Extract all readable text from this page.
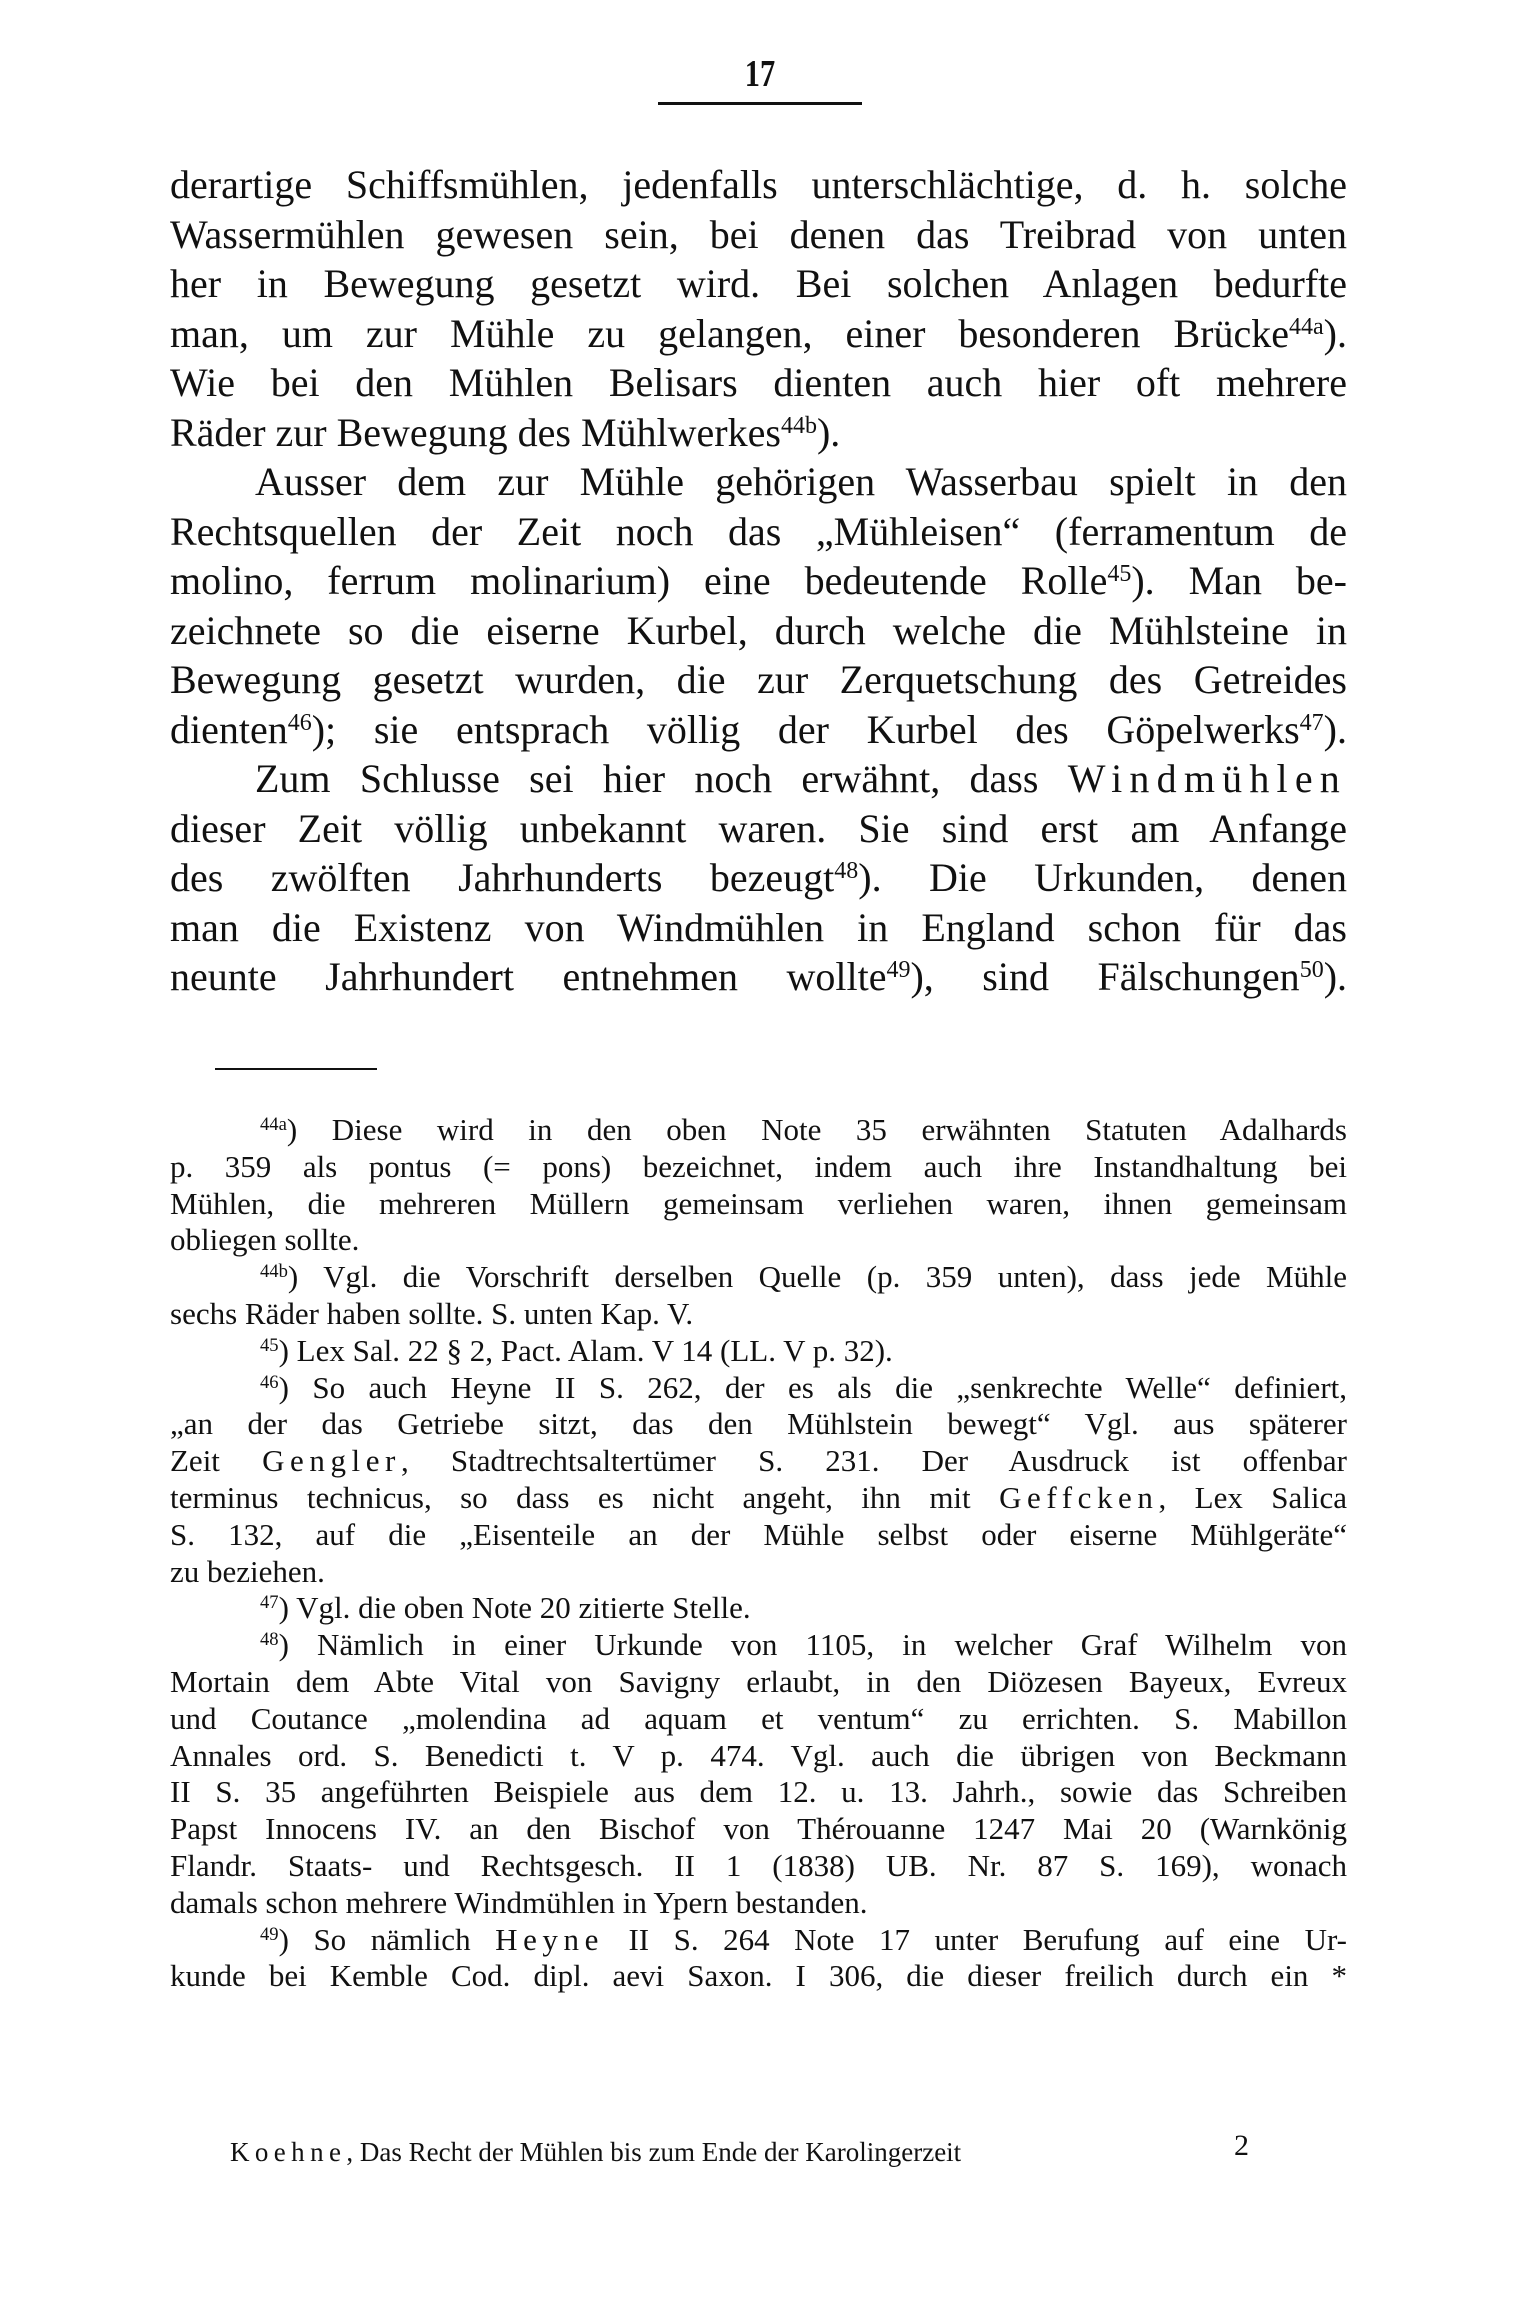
17
derartige Schiffsmühlen, jedenfalls unterschlächtige, d. h. solche
Wassermühlen gewesen sein, bei denen das Treibrad von unten
her in Bewegung gesetzt wird. Bei solchen Anlagen bedurfte
man, um zur Mühle zu gelangen, einer besonderen Brücke$^{44a}$).
Wie bei den Mühlen Belisars dienten auch hier oft mehrere
Räder zur Bewegung des Mühlwerkes$^{44b}$).
Ausser dem zur Mühle gehörigen Wasserbau spielt in den
Rechtsquellen der Zeit noch das „Mühleisen“ (ferramentum de
molino, ferrum molinarium) eine bedeutende Rolle$^{45}$). Man be-
zeichnete so die eiserne Kurbel, durch welche die Mühlsteine in
Bewegung gesetzt wurden, die zur Zerquetschung des Getreides
dienten$^{46}$); sie entsprach völlig der Kurbel des Göpelwerks$^{47}$).
Zum Schlusse sei hier noch erwähnt, dass Windmühlen
dieser Zeit völlig unbekannt waren. Sie sind erst am Anfange
des zwölften Jahrhunderts bezeugt$^{48}$). Die Urkunden, denen
man die Existenz von Windmühlen in England schon für das
neunte Jahrhundert entnehmen wollte$^{49}$), sind Fälschungen$^{50}$).
$^{44a}$) Diese wird in den oben Note 35 erwähnten Statuten Adalhards
p. 359 als pontus (= pons) bezeichnet, indem auch ihre Instandhaltung bei
Mühlen, die mehreren Müllern gemeinsam verliehen waren, ihnen gemeinsam
obliegen sollte.
$^{44b}$) Vgl. die Vorschrift derselben Quelle (p. 359 unten), dass jede Mühle
sechs Räder haben sollte. S. unten Kap. V.
$^{45}$) Lex Sal. 22 § 2, Pact. Alam. V 14 (LL. V p. 32).
$^{46}$) So auch Heyne II S. 262, der es als die „senkrechte Welle“ definiert,
„an der das Getriebe sitzt, das den Mühlstein bewegt“ Vgl. aus späterer
Zeit Gengler, Stadtrechtsaltertümer S. 231. Der Ausdruck ist offenbar
terminus technicus, so dass es nicht angeht, ihn mit Geffcken, Lex Salica
S. 132, auf die „Eisenteile an der Mühle selbst oder eiserne Mühlgeräte“
zu beziehen.
$^{47}$) Vgl. die oben Note 20 zitierte Stelle.
$^{48}$) Nämlich in einer Urkunde von 1105, in welcher Graf Wilhelm von
Mortain dem Abte Vital von Savigny erlaubt, in den Diözesen Bayeux, Evreux
und Coutance „molendina ad aquam et ventum“ zu errichten. S. Mabillon
Annales ord. S. Benedicti t. V p. 474. Vgl. auch die übrigen von Beckmann
II S. 35 angeführten Beispiele aus dem 12. u. 13. Jahrh., sowie das Schreiben
Papst Innocens IV. an den Bischof von Thérouanne 1247 Mai 20 (Warnkönig
Flandr. Staats- und Rechtsgesch. II 1 (1838) UB. Nr. 87 S. 169), wonach
damals schon mehrere Windmühlen in Ypern bestanden.
$^{49}$) So nämlich Heyne II S. 264 Note 17 unter Berufung auf eine Ur-
kunde bei Kemble Cod. dipl. aevi Saxon. I 306, die dieser freilich durch ein *
Koehne, Das Recht der Mühlen bis zum Ende der Karolingerzeit	2
